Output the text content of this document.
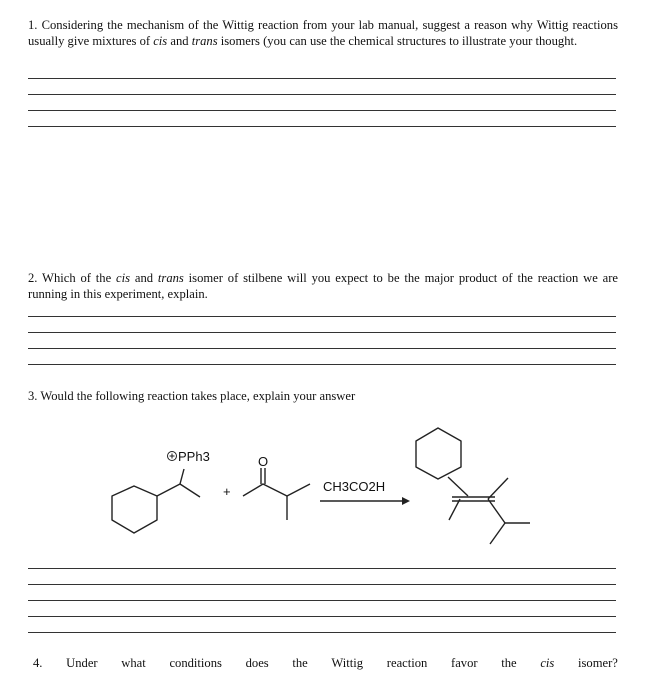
1. Considering the mechanism of the Wittig reaction from your lab manual, suggest a reason why Wittig reactions usually give mixtures of cis and trans isomers (you can use the chemical structures to illustrate your thought.

2. Which of the cis and trans isomer of stilbene will you expect to be the major product of the reaction we are running in this experiment, explain.

3. Would the following reaction takes place, explain your answer

PPh3
+
O
CH3CO2H
4. Under what conditions does the Wittig reaction favor the cis isomer?
